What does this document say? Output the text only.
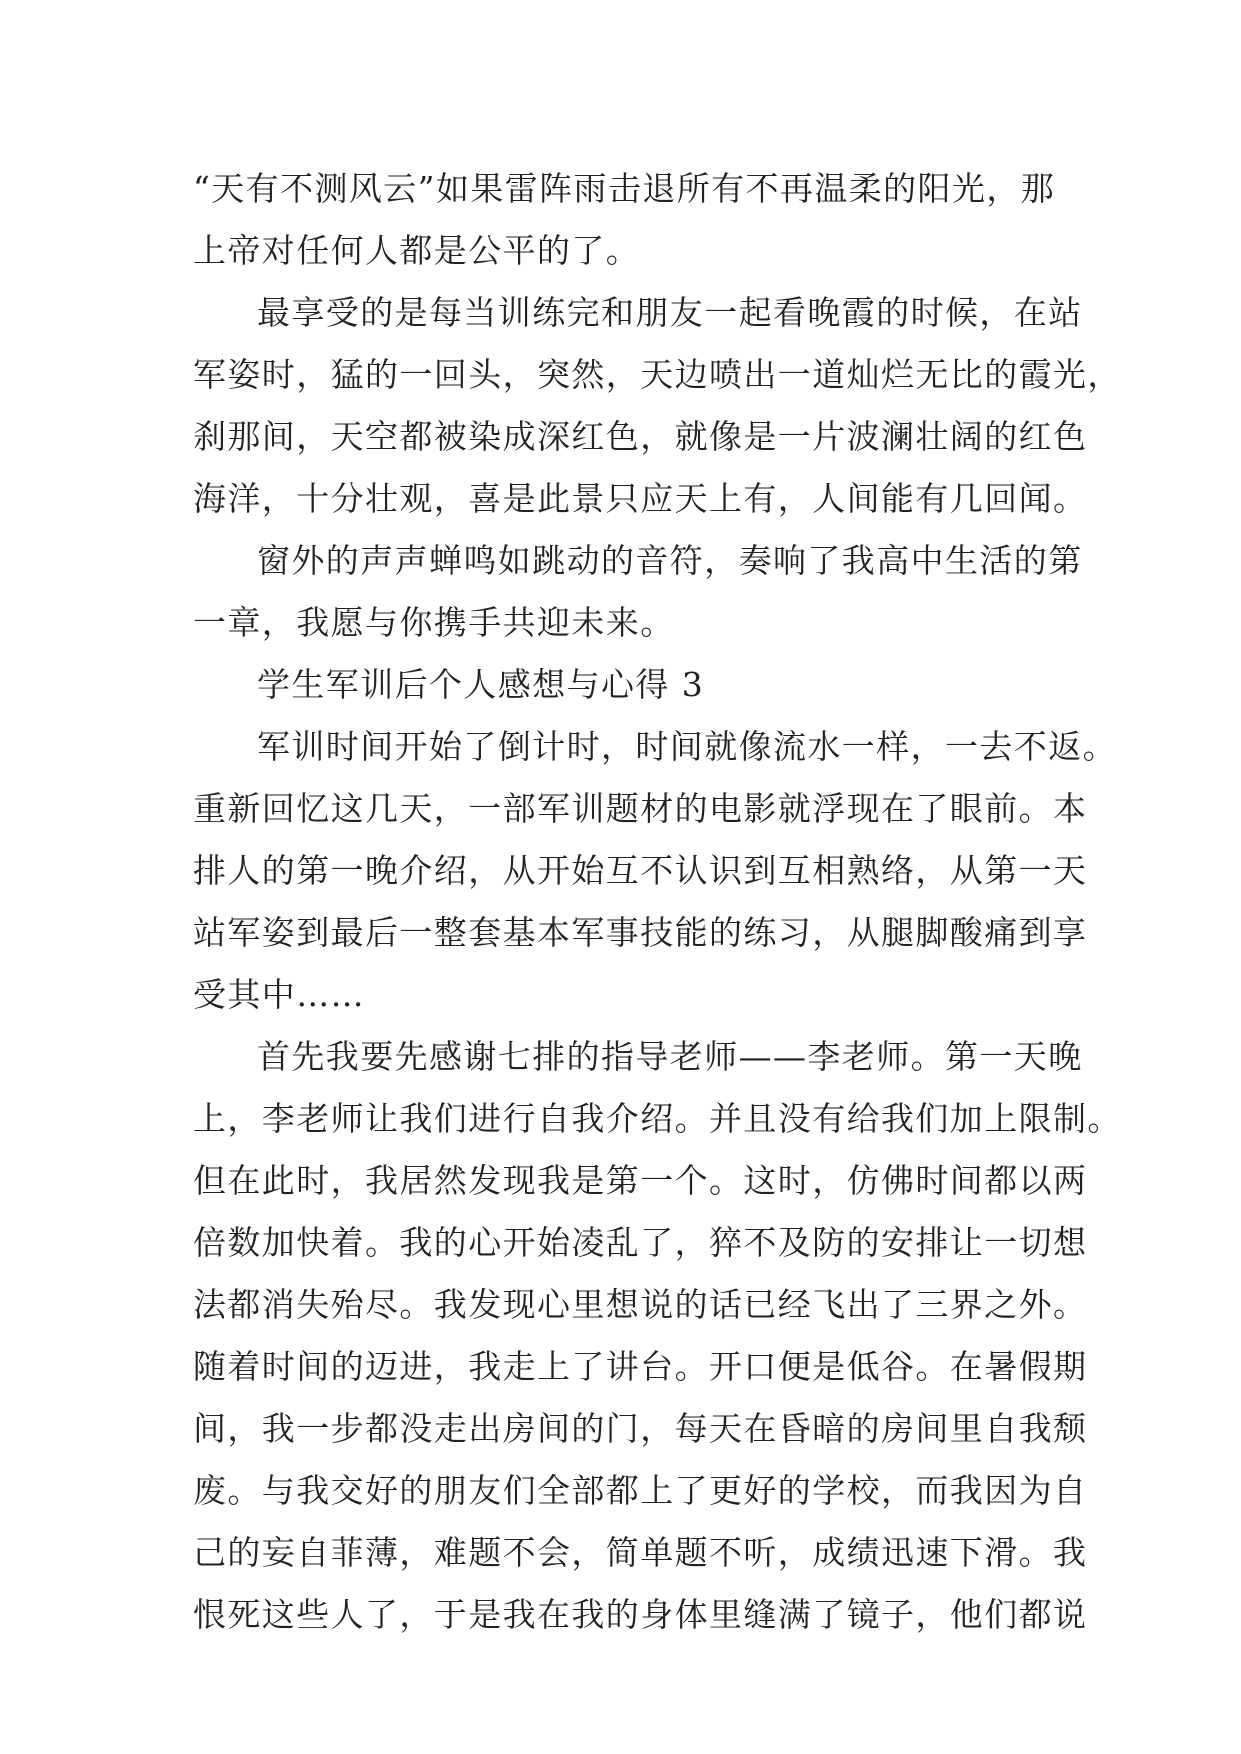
“天有不测风云”如果雷阵雨击退所有不再温柔的阳光，那
上帝对任何人都是公平的了。
最享受的是每当训练完和朋友一起看晚霞的时候，在站
军姿时，猛的一回头，突然，天边喷出一道灿烂无比的霞光，
刹那间，天空都被染成深红色，就像是一片波澜壮阔的红色
海洋，十分壮观，喜是此景只应天上有，人间能有几回闻。
窗外的声声蝉鸣如跳动的音符，奏响了我高中生活的第
一章，我愿与你携手共迎未来。
学生军训后个人感想与心得 3
军训时间开始了倒计时，时间就像流水一样，一去不返。
重新回忆这几天，一部军训题材的电影就浮现在了眼前。本
排人的第一晚介绍，从开始互不认识到互相熟络，从第一天
站军姿到最后一整套基本军事技能的练习，从腿脚酸痛到享
受其中……
首先我要先感谢七排的指导老师——李老师。第一天晚
上，李老师让我们进行自我介绍。并且没有给我们加上限制。
但在此时，我居然发现我是第一个。这时，仿佛时间都以两
倍数加快着。我的心开始凌乱了，猝不及防的安排让一切想
法都消失殆尽。我发现心里想说的话已经飞出了三界之外。
随着时间的迈进，我走上了讲台。开口便是低谷。在暑假期
间，我一步都没走出房间的门，每天在昏暗的房间里自我颓
废。与我交好的朋友们全部都上了更好的学校，而我因为自
己的妄自菲薄，难题不会，简单题不听，成绩迅速下滑。我
恨死这些人了，于是我在我的身体里缝满了镜子，他们都说
